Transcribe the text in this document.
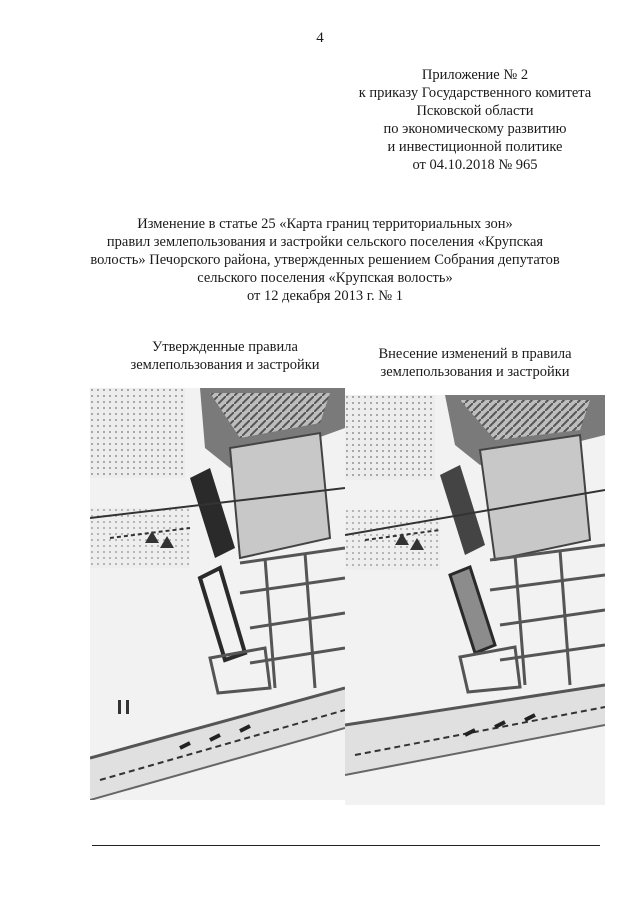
4
Приложение № 2
к приказу Государственного комитета
Псковской области
по экономическому развитию
и инвестиционной политике
от 04.10.2018 № 965
Изменение в статье 25 «Карта границ территориальных зон»
правил землепользования и застройки сельского поселения «Крупская
волость» Печорского района, утвержденных решением Собрания депутатов
сельского поселения «Крупская волость»
от 12 декабря 2013 г. № 1
Утвержденные правила
землепользования и застройки
Внесение изменений в правила
землепользования и застройки
